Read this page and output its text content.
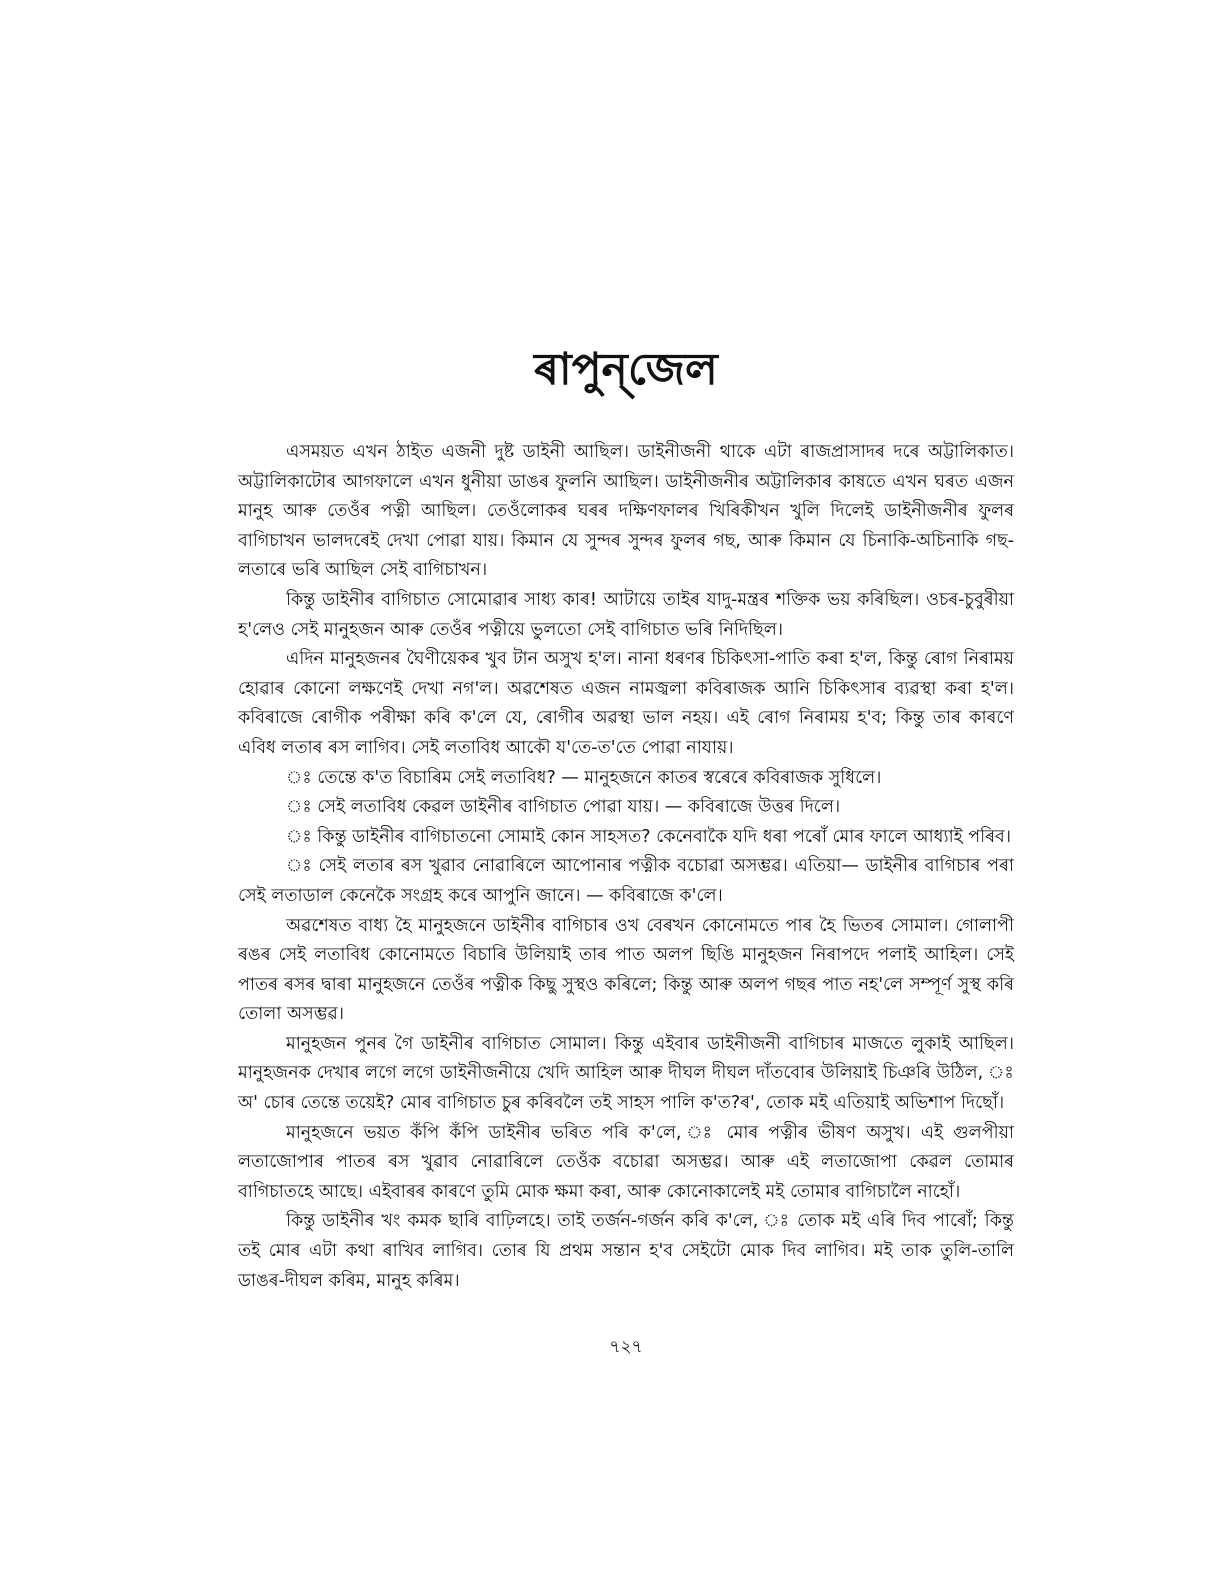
ৰাপুন্‌জেল

এসময়ত এখন ঠাইত এজনী দুষ্ট ডাইনী আছিল। ডাইনীজনী থাকে এটা ৰাজপ্ৰাসাদৰ দৰে অট্টালিকাত। অট্টালিকাটোৰ আগফালে এখন ধুনীয়া ডাঙৰ ফুলনি আছিল। ডাইনীজনীৰ অট্টালিকাৰ কাষতে এখন ঘৰত এজন মানুহ আৰু তেওঁৰ পত্নী আছিল। তেওঁলোকৰ ঘৰৰ দক্ষিণফালৰ খিৰিকীখন খুলি দিলেই ডাইনীজনীৰ ফুলৰ বাগিচাখন ভালদৰেই দেখা পোৱা যায়। কিমান যে সুন্দৰ সুন্দৰ ফুলৰ গছ, আৰু কিমান যে চিনাকি-অচিনাকি গছ-লতাৰে ভৰি আছিল সেই বাগিচাখন।

কিন্তু ডাইনীৰ বাগিচাত সোমোৱাৰ সাধ্য কাৰ! আটায়ে তাইৰ যাদু-মন্ত্ৰৰ শক্তিক ভয় কৰিছিল। ওচৰ-চুবুৰীয়া হ'লেও সেই মানুহজন আৰু তেওঁৰ পত্নীয়ে ভুলতো সেই বাগিচাত ভৰি নিদিছিল।

এদিন মানুহজনৰ ঘৈণীয়েকৰ খুব টান অসুখ হ'ল। নানা ধৰণৰ চিকিৎসা-পাতি কৰা হ'ল, কিন্তু ৰোগ নিৰাময় হোৱাৰ কোনো লক্ষণেই দেখা নগ'ল। অৱশেষত এজন নামজ্বলা কবিৰাজক আনি চিকিৎসাৰ ব্যৱস্থা কৰা হ'ল। কবিৰাজে ৰোগীক পৰীক্ষা কৰি ক'লে যে, ৰোগীৰ অৱস্থা ভাল নহয়। এই ৰোগ নিৰাময় হ'ব; কিন্তু তাৰ কাৰণে এবিধ লতাৰ ৰস লাগিব। সেই লতাবিধ আকৌ য'তে-ত'তে পোৱা নাযায়।

ঃ তেন্তে ক'ত বিচাৰিম সেই লতাবিধ? — মানুহজনে কাতৰ স্বৰেৰে কবিৰাজক সুধিলে।

ঃ সেই লতাবিধ কেৱল ডাইনীৰ বাগিচাত পোৱা যায়। — কবিৰাজে উত্তৰ দিলে।

ঃ কিন্তু ডাইনীৰ বাগিচাতনো সোমাই কোন সাহসত? কেনেবাকৈ যদি ধৰা পৰোঁ মোৰ ফালে আধ্যাই পৰিব।

ঃ সেই লতাৰ ৰস খুৱাব নোৱাৰিলে আপোনাৰ পত্নীক বচোৱা অসম্ভৱ। এতিয়া— ডাইনীৰ বাগিচাৰ পৰা সেই লতাডাল কেনেকৈ সংগ্ৰহ কৰে আপুনি জানে। — কবিৰাজে ক'লে।

অৱশেষত বাধ্য হৈ মানুহজনে ডাইনীৰ বাগিচাৰ ওখ বেৰখন কোনোমতে পাৰ হৈ ভিতৰ সোমাল। গোলাপী ৰঙৰ সেই লতাবিধ কোনোমতে বিচাৰি উলিয়াই তাৰ পাত অলপ ছিঙি মানুহজন নিৰাপদে পলাই আহিল। সেই পাতৰ ৰসৰ দ্বাৰা মানুহজনে তেওঁৰ পত্নীক কিছু সুস্থও কৰিলে; কিন্তু আৰু অলপ গছৰ পাত নহ'লে সম্পূৰ্ণ সুস্থ কৰি তোলা অসম্ভৱ।

মানুহজন পুনৰ গৈ ডাইনীৰ বাগিচাত সোমাল। কিন্তু এইবাৰ ডাইনীজনী বাগিচাৰ মাজতে লুকাই আছিল। মানুহজনক দেখাৰ লগে লগে ডাইনীজনীয়ে খেদি আহিল আৰু দীঘল দীঘল দাঁতবোৰ উলিয়াই চিঞৰি উঠিল, ঃ অ' চোৰ তেন্তে তয়েই? মোৰ বাগিচাত চুৰ কৰিবলৈ তই সাহস পালি ক'ত?ৰ', তোক মই এতিয়াই অভিশাপ দিছোঁ।

মানুহজনে ভয়ত কঁপি কঁপি ডাইনীৰ ভৰিত পৰি ক'লে, ঃ মোৰ পত্নীৰ ভীষণ অসুখ। এই গুলপীয়া লতাজোপাৰ পাতৰ ৰস খুৱাব নোৱাৰিলে তেওঁক বচোৱা অসম্ভৱ। আৰু এই লতাজোপা কেৱল তোমাৰ বাগিচাতহে আছে। এইবাৰৰ কাৰণে তুমি মোক ক্ষমা কৰা, আৰু কোনোকালেই মই তোমাৰ বাগিচালৈ নাহোঁ।

কিন্তু ডাইনীৰ খং কমক ছাৰি বাঢ়িলহে। তাই তৰ্জন-গৰ্জন কৰি ক'লে, ঃ তোক মই এৰি দিব পাৰোঁ; কিন্তু তই মোৰ এটা কথা ৰাখিব লাগিব। তোৰ যি প্ৰথম সন্তান হ'ব সেইটো মোক দিব লাগিব। মই তাক তুলি-তালি ডাঙৰ-দীঘল কৰিম, মানুহ কৰিম।

৭২৭
